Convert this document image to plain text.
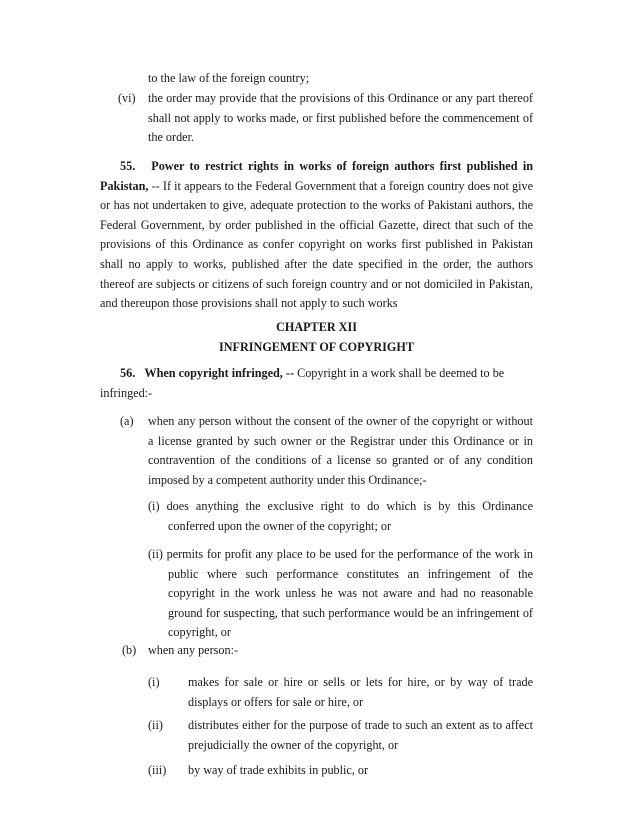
to the law of the foreign country;

(vi) the order may provide that the provisions of this Ordinance or any part thereof shall not apply to works made, or first published before the commencement of the order.

55. Power to restrict rights in works of foreign authors first published in Pakistan, -- If it appears to the Federal Government that a foreign country does not give or has not undertaken to give, adequate protection to the works of Pakistani authors, the Federal Government, by order published in the official Gazette, direct that such of the provisions of this Ordinance as confer copyright on works first published in Pakistan shall no apply to works, published after the date specified in the order, the authors thereof are subjects or citizens of such foreign country and or not domiciled in Pakistan, and thereupon those provisions shall not apply to such works

CHAPTER XII
INFRINGEMENT OF COPYRIGHT

56. When copyright infringed, -- Copyright in a work shall be deemed to be infringed:-

(a) when any person without the consent of the owner of the copyright or without a license granted by such owner or the Registrar under this Ordinance or in contravention of the conditions of a license so granted or of any condition imposed by a competent authority under this Ordinance;-

(i) does anything the exclusive right to do which is by this Ordinance conferred upon the owner of the copyright; or

(ii) permits for profit any place to be used for the performance of the work in public where such performance constitutes an infringement of the copyright in the work unless he was not aware and had no reasonable ground for suspecting, that such performance would be an infringement of copyright, or

(b) when any person:-

(i) makes for sale or hire or sells or lets for hire, or by way of trade displays or offers for sale or hire, or

(ii) distributes either for the purpose of trade to such an extent as to affect prejudicially the owner of the copyright, or

(iii) by way of trade exhibits in public, or
